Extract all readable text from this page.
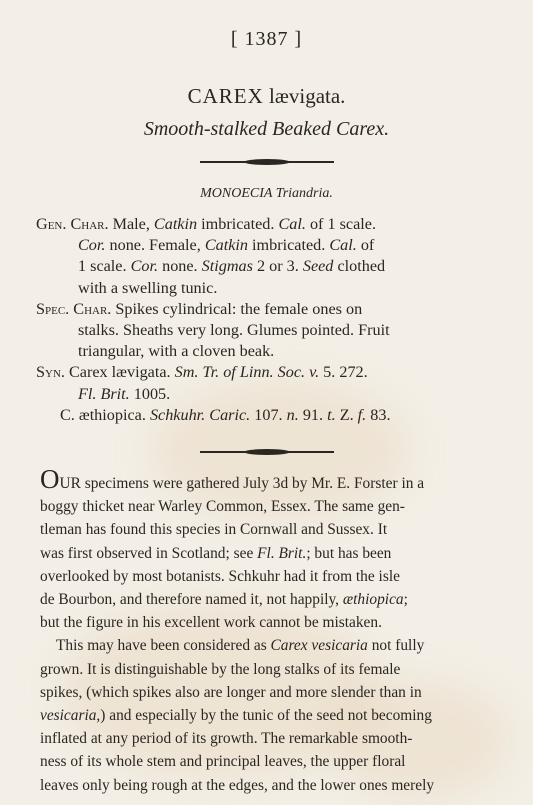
[ 1387 ]
CAREX lævigata.
Smooth-stalked Beaked Carex.
MONOECIA Triandria.
Gen. Char. Male, Catkin imbricated. Cal. of 1 scale.
Cor. none. Female, Catkin imbricated. Cal. of
1 scale. Cor. none. Stigmas 2 or 3. Seed clothed
with a swelling tunic.
Spec. Char. Spikes cylindrical: the female ones on
stalks. Sheaths very long. Glumes pointed. Fruit
triangular, with a cloven beak.
Syn. Carex lævigata. Sm. Tr. of Linn. Soc. v. 5. 272.
Fl. Brit. 1005.
C. æthiopica. Schkuhr. Caric. 107. n. 91. t. Z. f. 83.
OUR specimens were gathered July 3d by Mr. E. Forster in a
boggy thicket near Warley Common, Essex. The same gen-
tleman has found this species in Cornwall and Sussex. It
was first observed in Scotland; see Fl. Brit.; but has been
overlooked by most botanists. Schkuhr had it from the isle
de Bourbon, and therefore named it, not happily, æthiopica;
but the figure in his excellent work cannot be mistaken.
This may have been considered as Carex vesicaria not fully
grown. It is distinguishable by the long stalks of its female
spikes, (which spikes also are longer and more slender than in
vesicaria,) and especially by the tunic of the seed not becoming
inflated at any period of its growth. The remarkable smooth-
ness of its whole stem and principal leaves, the upper floral
leaves only being rough at the edges, and the lower ones merely
